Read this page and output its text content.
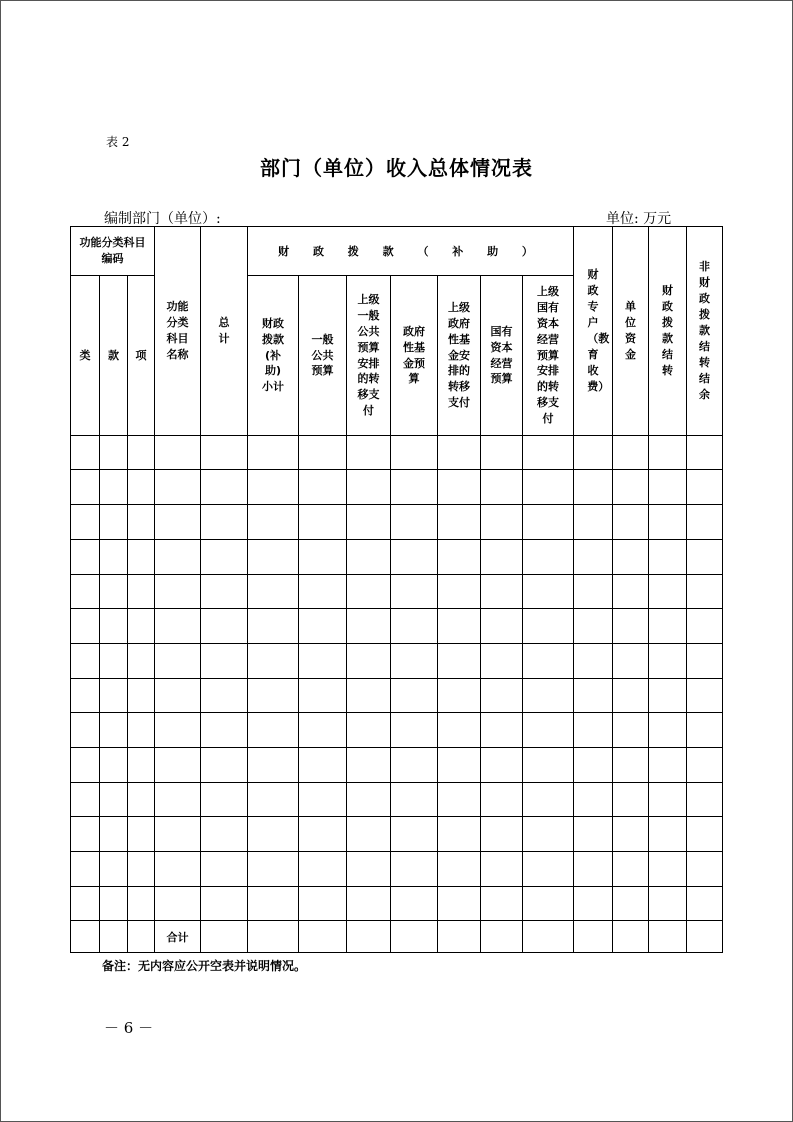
表 2
部门（单位）收入总体情况表
编制部门（单位）:	单位: 万元
功能分类科目编码			功能分类科目名称	总计	财 政 拨 款 （ 补 助 ）							财政专户（教育收费）	单位资金	财政拨款结转	非财政拨款结转结余
类	款	项			财政拨款(补助)小计	一般公共预算	上级一般公共预算安排的转移支付	政府性基金预算	上级政府性基金安排的转移支付	国有资本经营预算	上级国有资本经营预算安排的转移支付				

			合计												
备注：无内容应公开空表并说明情况。
－ 6 －
